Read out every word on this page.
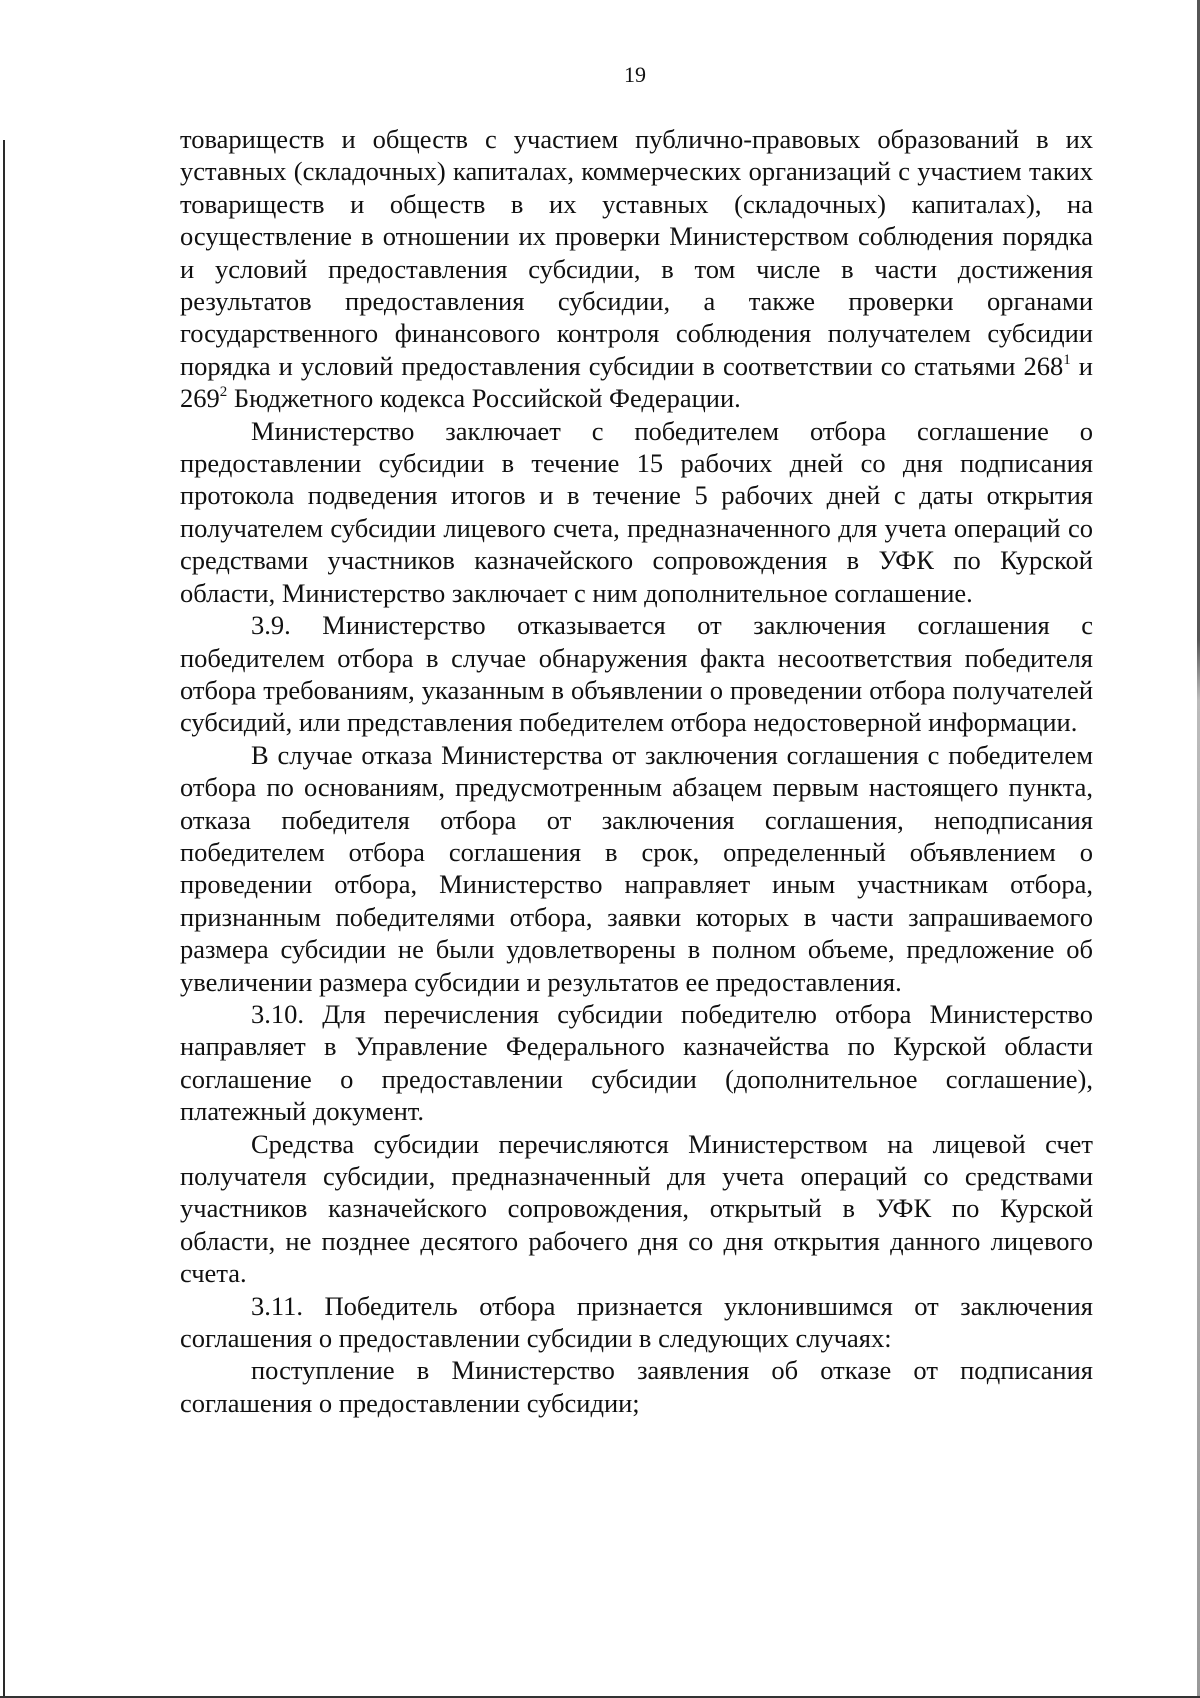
19

товариществ и обществ с участием публично-правовых образований в их уставных (складочных) капиталах, коммерческих организаций с участием таких товариществ и обществ в их уставных (складочных) капиталах), на осуществление в отношении их проверки Министерством соблюдения порядка и условий предоставления субсидии, в том числе в части достижения результатов предоставления субсидии, а также проверки органами государственного финансового контроля соблюдения получателем субсидии порядка и условий предоставления субсидии в соответствии со статьями $268^1$ и $269^2$ Бюджетного кодекса Российской Федерации.

Министерство заключает с победителем отбора соглашение о предоставлении субсидии в течение 15 рабочих дней со дня подписания протокола подведения итогов и в течение 5 рабочих дней с даты открытия получателем субсидии лицевого счета, предназначенного для учета операций со средствами участников казначейского сопровождения в УФК по Курской области, Министерство заключает с ним дополнительное соглашение.

3.9. Министерство отказывается от заключения соглашения с победителем отбора в случае обнаружения факта несоответствия победителя отбора требованиям, указанным в объявлении о проведении отбора получателей субсидий, или представления победителем отбора недостоверной информации.

В случае отказа Министерства от заключения соглашения с победителем отбора по основаниям, предусмотренным абзацем первым настоящего пункта, отказа победителя отбора от заключения соглашения, неподписания победителем отбора соглашения в срок, определенный объявлением о проведении отбора, Министерство направляет иным участникам отбора, признанным победителями отбора, заявки которых в части запрашиваемого размера субсидии не были удовлетворены в полном объеме, предложение об увеличении размера субсидии и результатов ее предоставления.

3.10. Для перечисления субсидии победителю отбора Министерство направляет в Управление Федерального казначейства по Курской области соглашение о предоставлении субсидии (дополнительное соглашение), платежный документ.

Средства субсидии перечисляются Министерством на лицевой счет получателя субсидии, предназначенный для учета операций со средствами участников казначейского сопровождения, открытый в УФК по Курской области, не позднее десятого рабочего дня со дня открытия данного лицевого счета.

3.11. Победитель отбора признается уклонившимся от заключения соглашения о предоставлении субсидии в следующих случаях:

поступление в Министерство заявления об отказе от подписания соглашения о предоставлении субсидии;
